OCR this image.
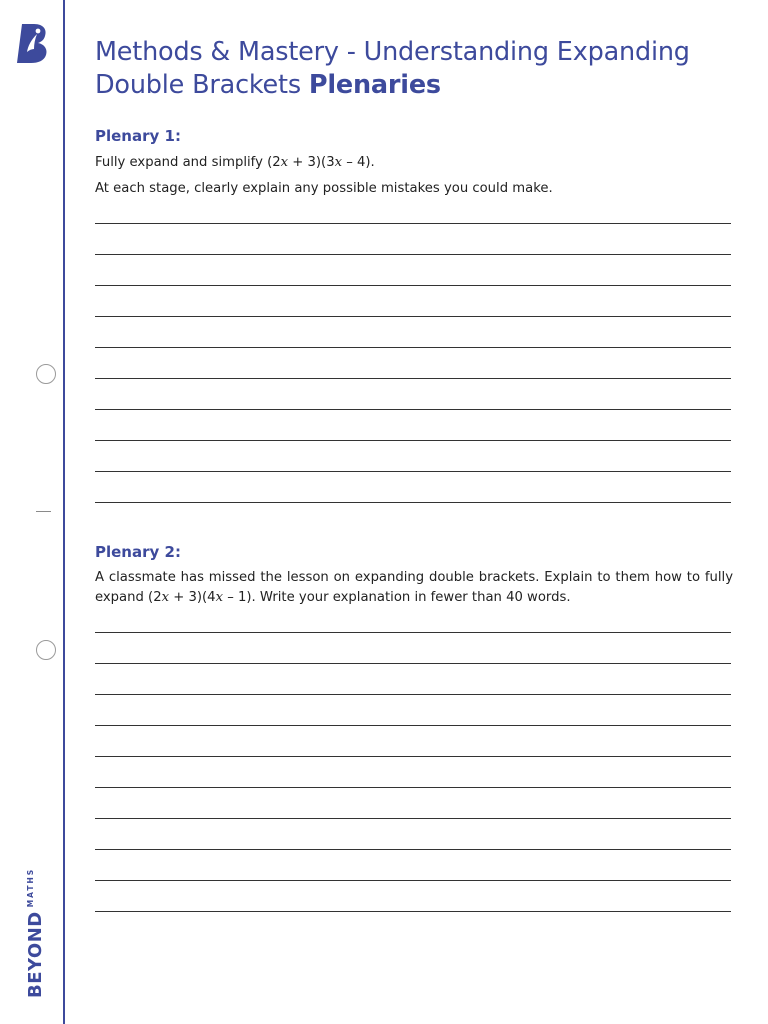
BEYOND
MATHS
Methods & Mastery - Understanding Expanding Double Brackets Plenaries
Plenary 1:

Fully expand and simplify (2x + 3)(3x – 4).

At each stage, clearly explain any possible mistakes you could make.

Plenary 2:

A classmate has missed the lesson on expanding double brackets. Explain to them how to fully expand (2x + 3)(4x – 1). Write your explanation in fewer than 40 words.
